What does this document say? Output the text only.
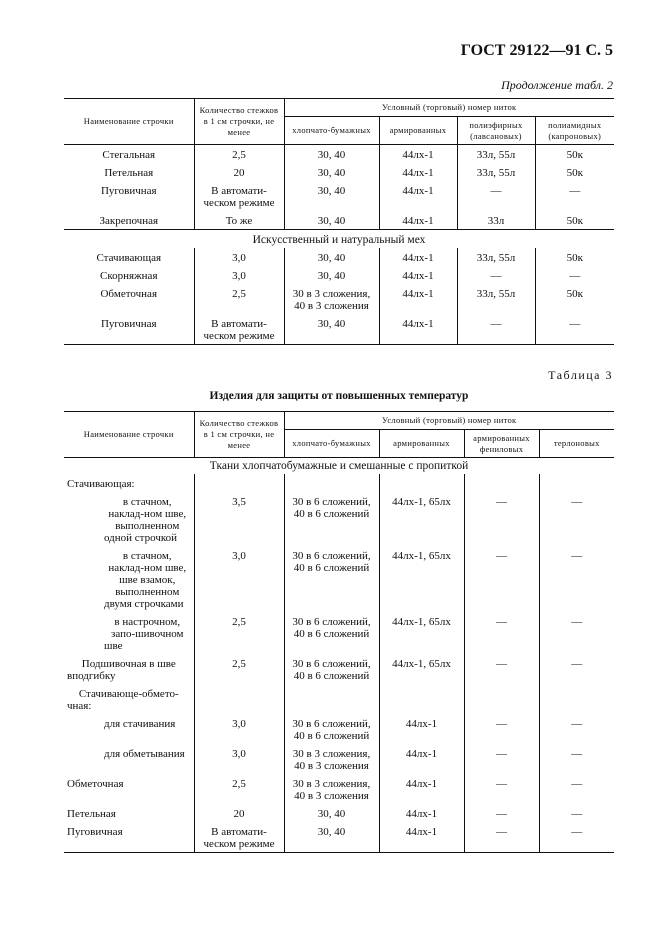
ГОСТ 29122—91 С. 5
Продолжение табл. 2
Наименование строчки	Количество стежков в 1 см строчки, не менее	Условный (торговый) номер ниток			
		хлопчато-бумажных	армированных	полиэфирных (лавсановых)	полиамидных (капроновых)
Стегальная	2,5	30, 40	44лх-1	33л, 55л	50к
Петельная	20	30, 40	44лх-1	33л, 55л	50к
Пуговичная	В автомати-ческом режиме	30, 40	44лх-1	—	—
Закрепочная	То же	30, 40	44лх-1	33л	50к
Искусственный и натуральный мех					
Стачивающая	3,0	30, 40	44лх-1	33л, 55л	50к
Скорняжная	3,0	30, 40	44лх-1	—	—
Обметочная	2,5	30 в 3 сложения, 40 в 3 сложения	44лх-1	33л, 55л	50к
Пуговичная	В автомати-ческом режиме	30, 40	44лх-1	—	—
Таблица 3
Изделия для защиты от повышенных температур
Наименование строчки	Количество стежков в 1 см строчки, не менее	Условный (торговый) номер ниток			
		хлопчато-бумажных	армированных	армированных фениловых	терлоновых
Ткани хлопчатобумажные и смешанные с пропиткой					
Стачивающая:					
в стачном, наклад-ном шве, выполненном одной строчкой	3,5	30 в 6 сложений, 40 в 6 сложений	44лх-1, 65лх	—	—
в стачном, наклад-ном шве, шве взамок, выполненном двумя строчками	3,0	30 в 6 сложений, 40 в 6 сложений	44лх-1, 65лх	—	—
в настрочном, запо-шивочном шве	2,5	30 в 6 сложений, 40 в 6 сложений	44лх-1, 65лх	—	—
Подшивочная в шве вподгибку	2,5	30 в 6 сложений, 40 в 6 сложений	44лх-1, 65лх	—	—
Стачивающе-обмето-чная:					
для стачивания	3,0	30 в 6 сложений, 40 в 6 сложений	44лх-1	—	—
для обметывания	3,0	30 в 3 сложения, 40 в 3 сложения	44лх-1	—	—
Обметочная	2,5	30 в 3 сложения, 40 в 3 сложения	44лх-1	—	—
Петельная	20	30, 40	44лх-1	—	—
Пуговичная	В автомати-ческом режиме	30, 40	44лх-1	—	—
